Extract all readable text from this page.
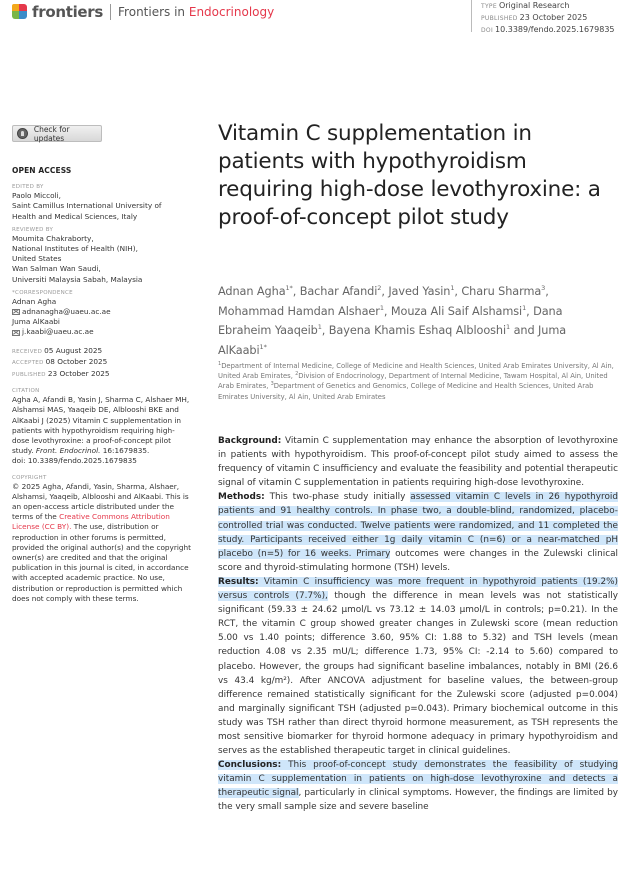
frontiers Frontiers in Endocrinology	TYPE Original Research
PUBLISHED 23 October 2025
DOI 10.3389/fendo.2025.1679835
Check for updates
OPEN ACCESS
EDITED BY
Paolo Miccoli,
Saint Camillus International University of
Health and Medical Sciences, Italy
REVIEWED BY
Moumita Chakraborty,
National Institutes of Health (NIH),
United States
Wan Salman Wan Saudi,
Universiti Malaysia Sabah, Malaysia
*CORRESPONDENCE
Adnan Agha
adnanagha@uaeu.ac.ae
Juma AlKaabi
j.kaabi@uaeu.ac.ae
RECEIVED 05 August 2025
ACCEPTED 08 October 2025
PUBLISHED 23 October 2025
CITATION
Agha A, Afandi B, Yasin J, Sharma C, Alshaer MH, Alshamsi MAS, Yaaqeib DE, Alblooshi BKE and AlKaabi J (2025) Vitamin C supplementation in patients with hypothyroidism requiring high-dose levothyroxine: a proof-of-concept pilot study. Front. Endocrinol. 16:1679835.
doi: 10.3389/fendo.2025.1679835
COPYRIGHT
© 2025 Agha, Afandi, Yasin, Sharma, Alshaer, Alshamsi, Yaaqeib, Alblooshi and AlKaabi. This is an open-access article distributed under the terms of the Creative Commons Attribution License (CC BY). The use, distribution or reproduction in other forums is permitted, provided the original author(s) and the copyright owner(s) are credited and that the original publication in this journal is cited, in accordance with accepted academic practice. No use, distribution or reproduction is permitted which does not comply with these terms.
Vitamin C supplementation in patients with hypothyroidism requiring high-dose levothyroxine: a proof-of-concept pilot study
Adnan Agha$^{1*}$, Bachar Afandi$^2$, Javed Yasin$^1$, Charu Sharma$^3$, Mohammad Hamdan Alshaer$^1$, Mouza Ali Saif Alshamsi$^1$, Dana Ebraheim Yaaqeib$^1$, Bayena Khamis Eshaq Alblooshi$^1$ and Juma AlKaabi$^{1*}$
$^1$Department of Internal Medicine, College of Medicine and Health Sciences, United Arab Emirates University, Al Ain, United Arab Emirates, $^2$Division of Endocrinology, Department of Internal Medicine, Tawam Hospital, Al Ain, United Arab Emirates, $^3$Department of Genetics and Genomics, College of Medicine and Health Sciences, United Arab Emirates University, Al Ain, United Arab Emirates

Background: Vitamin C supplementation may enhance the absorption of levothyroxine in patients with hypothyroidism. This proof-of-concept pilot study aimed to assess the frequency of vitamin C insufficiency and evaluate the feasibility and potential therapeutic signal of vitamin C supplementation in patients requiring high-dose levothyroxine.

Methods: This two-phase study initially assessed vitamin C levels in 26 hypothyroid patients and 91 healthy controls. In phase two, a double-blind, randomized, placebo-controlled trial was conducted. Twelve patients were randomized, and 11 completed the study. Participants received either 1g daily vitamin C (n=6) or a near-matched pH placebo (n=5) for 16 weeks. Primary outcomes were changes in the Zulewski clinical score and thyroid-stimulating hormone (TSH) levels.

Results: Vitamin C insufficiency was more frequent in hypothyroid patients (19.2%) versus controls (7.7%), though the difference in mean levels was not statistically significant (59.33 ± 24.62 µmol/L vs 73.12 ± 14.03 µmol/L in controls; p=0.21). In the RCT, the vitamin C group showed greater changes in Zulewski score (mean reduction 5.00 vs 1.40 points; difference 3.60, 95% CI: 1.88 to 5.32) and TSH levels (mean reduction 4.08 vs 2.35 mU/L; difference 1.73, 95% CI: -2.14 to 5.60) compared to placebo. However, the groups had significant baseline imbalances, notably in BMI (26.6 vs 43.4 kg/m²). After ANCOVA adjustment for baseline values, the between-group difference remained statistically significant for the Zulewski score (adjusted p=0.004) and marginally significant TSH (adjusted p=0.043). Primary biochemical outcome in this study was TSH rather than direct thyroid hormone measurement, as TSH represents the most sensitive biomarker for thyroid hormone adequacy in primary hypothyroidism and serves as the established therapeutic target in clinical guidelines.

Conclusions: This proof-of-concept study demonstrates the feasibility of studying vitamin C supplementation in patients on high-dose levothyroxine and detects a therapeutic signal, particularly in clinical symptoms. However, the findings are limited by the very small sample size and severe baseline
